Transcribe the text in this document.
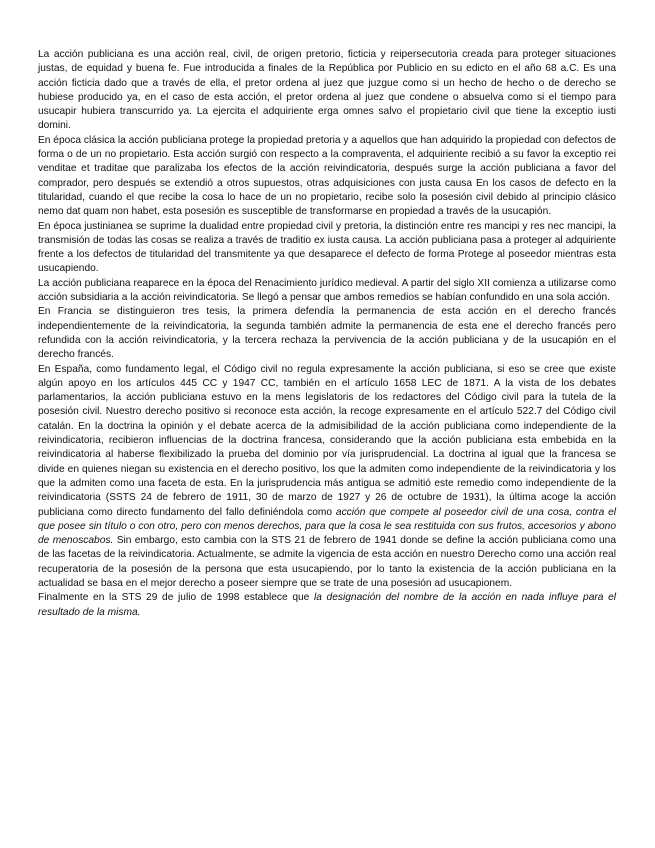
La acción publiciana es una acción real, civil, de origen pretorio, ficticia y reipersecutoria creada para proteger situaciones justas, de equidad y buena fe. Fue introducida a finales de la República por Publicio en su edicto en el año 68 a.C. Es una acción ficticia dado que a través de ella, el pretor ordena al juez que juzgue como si un hecho de hecho o de derecho se hubiese producido ya, en el caso de esta acción, el pretor ordena al juez que condene o absuelva como si el tiempo para usucapir hubiera transcurrido ya. La ejercita el adquiriente erga omnes salvo el propietario civil que tiene la exceptio iusti domini.

En época clásica la acción publiciana protege la propiedad pretoria y a aquellos que han adquirido la propiedad con defectos de forma o de un no propietario. Esta acción surgió con respecto a la compraventa, el adquiriente recibió a su favor la exceptio rei venditae et traditae que paralizaba los efectos de la acción reivindicatoria, después surge la acción publiciana a favor del comprador, pero después se extendió a otros supuestos, otras adquisiciones con justa causa En los casos de defecto en la titularidad, cuando el que recibe la cosa lo hace de un no propietario, recibe solo la posesión civil debido al principio clásico nemo dat quam non habet, esta posesión es susceptible de transformarse en propiedad a través de la usucapión.

En época justinianea se suprime la dualidad entre propiedad civil y pretoria, la distinción entre res mancipi y res nec mancipi, la transmisión de todas las cosas se realiza a través de traditio ex iusta causa. La acción publiciana pasa a proteger al adquiriente frente a los defectos de titularidad del transmitente ya que desaparece el defecto de forma Protege al poseedor mientras esta usucapiendo.

La acción publiciana reaparece en la época del Renacimiento jurídico medieval. A partir del siglo XII comienza a utilizarse como acción subsidiaria a la acción reivindicatoria. Se llegó a pensar que ambos remedios se habían confundido en una sola acción.

En Francia se distinguieron tres tesis, la primera defendía la permanencia de esta acción en el derecho francés independientemente de la reivindicatoria, la segunda también admite la permanencia de esta ene el derecho francés pero refundida con la acción reivindicatoria, y la tercera rechaza la pervivencia de la acción publiciana y de la usucapión en el derecho francés.

En España, como fundamento legal, el Código civil no regula expresamente la acción publiciana, si eso se cree que existe algún apoyo en los artículos 445 CC y 1947 CC, también en el artículo 1658 LEC de 1871. A la vista de los debates parlamentarios, la acción publiciana estuvo en la mens legislatoris de los redactores del Código civil para la tutela de la posesión civil. Nuestro derecho positivo si reconoce esta acción, la recoge expresamente en el artículo 522.7 del Código civil catalán. En la doctrina la opinión y el debate acerca de la admisibilidad de la acción publiciana como independiente de la reivindicatoria, recibieron influencias de la doctrina francesa, considerando que la acción publiciana esta embebida en la reivindicatoria al haberse flexibilizado la prueba del dominio por vía jurisprudencial. La doctrina al igual que la francesa se divide en quienes niegan su existencia en el derecho positivo, los que la admiten como independiente de la reivindicatoria y los que la admiten como una faceta de esta. En la jurisprudencia más antigua se admitió este remedio como independiente de la reivindicatoria (SSTS 24 de febrero de 1911, 30 de marzo de 1927 y 26 de octubre de 1931), la última acoge la acción publiciana como directo fundamento del fallo definiéndola como acción que compete al poseedor civil de una cosa, contra el que posee sin título o con otro, pero con menos derechos, para que la cosa le sea restituida con sus frutos, accesorios y abono de menoscabos. Sin embargo, esto cambia con la STS 21 de febrero de 1941 donde se define la acción publiciana como una de las facetas de la reivindicatoria. Actualmente, se admite la vigencia de esta acción en nuestro Derecho como una acción real recuperatoria de la posesión de la persona que esta usucapiendo, por lo tanto la existencia de la acción publiciana en la actualidad se basa en el mejor derecho a poseer siempre que se trate de una posesión ad usucapionem.

Finalmente en la STS 29 de julio de 1998 establece que la designación del nombre de la acción en nada influye para el resultado de la misma.
